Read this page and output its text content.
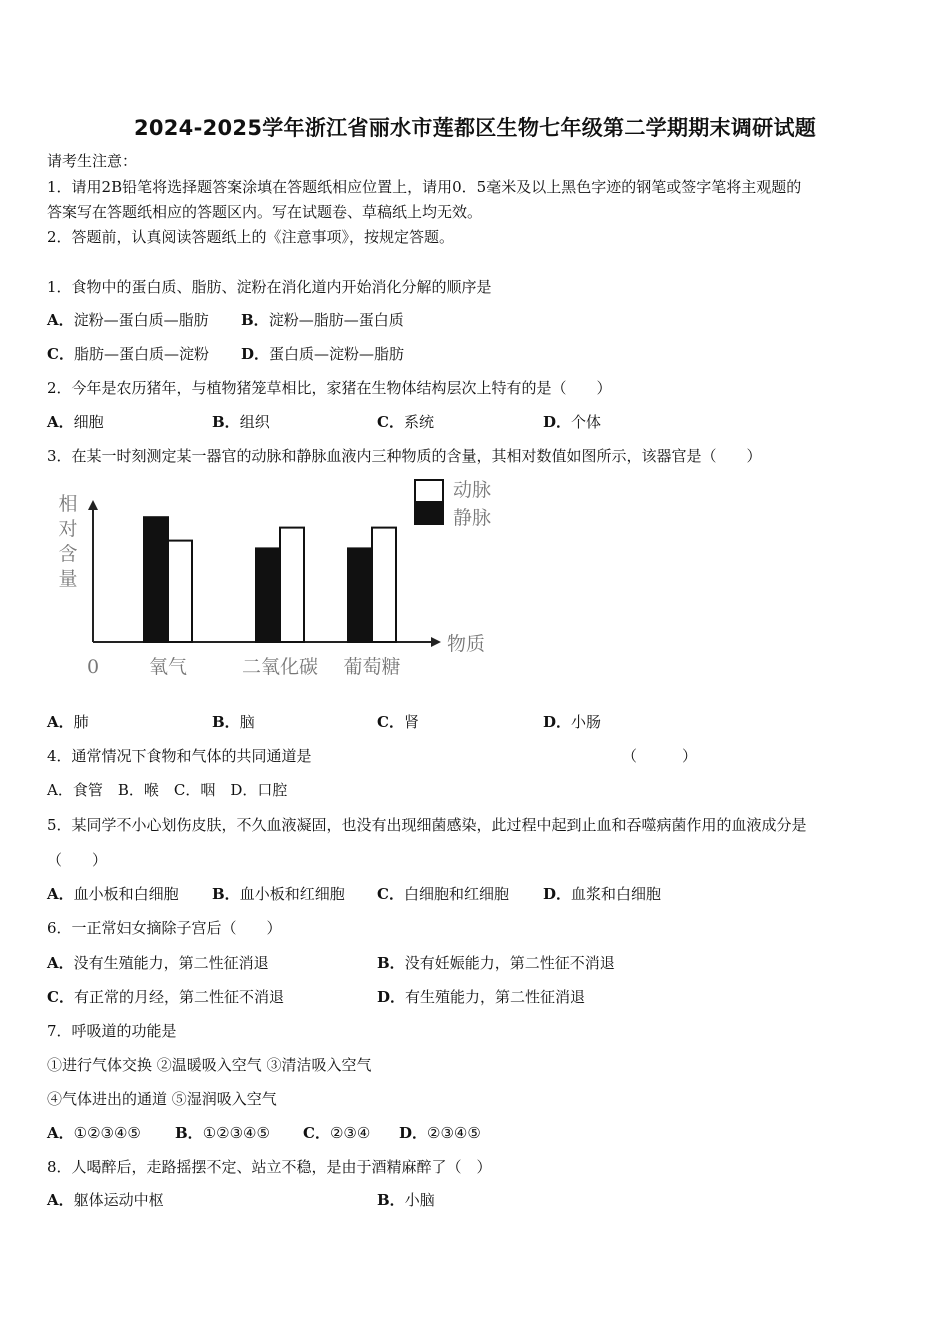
2024-2025学年浙江省丽水市莲都区生物七年级第二学期期末调研试题
请考生注意：
1．请用2B铅笔将选择题答案涂填在答题纸相应位置上，请用0．5毫米及以上黑色字迹的钢笔或签字笔将主观题的
答案写在答题纸相应的答题区内。写在试题卷、草稿纸上均无效。
2．答题前，认真阅读答题纸上的《注意事项》，按规定答题。
1．食物中的蛋白质、脂肪、淀粉在消化道内开始消化分解的顺序是
A．淀粉—蛋白质—脂肪 B．淀粉—脂肪—蛋白质
C．脂肪—蛋白质—淀粉 D．蛋白质—淀粉—脂肪
2．今年是农历猪年，与植物猪笼草相比，家猪在生物体结构层次上特有的是（　　）
A．细胞	B．组织	C．系统	D．个体
3．在某一时刻测定某一器官的动脉和静脉血液内三种物质的含量，其相对数值如图所示，该器官是（　　）
相
对
含
量
物质
0	氧气	二氧化碳 葡萄糖
动脉
静脉
A．肺	B．脑	C．肾	D．小肠
4．通常情况下食物和气体的共同通道是	（　　　）
A．食管　B．喉　C．咽　D．口腔
5．某同学不小心划伤皮肤，不久血液凝固，也没有出现细菌感染，此过程中起到止血和吞噬病菌作用的血液成分是
（　　）
A．血小板和白细胞 B．血小板和红细胞 C．白细胞和红细胞 D．血浆和白细胞
6．一正常妇女摘除子宫后（　　）
A．没有生殖能力，第二性征消退	B．没有妊娠能力，第二性征不消退
C．有正常的月经，第二性征不消退	D．有生殖能力，第二性征消退
7．呼吸道的功能是
①进行气体交换 ②温暖吸入空气 ③清洁吸入空气
④气体进出的通道 ⑤湿润吸入空气
A．①②③④⑤ B．①②③④⑤ C．②③④ D．②③④⑤
8．人喝醉后，走路摇摆不定、站立不稳，是由于酒精麻醉了（　）
A．躯体运动中枢	B．小脑
